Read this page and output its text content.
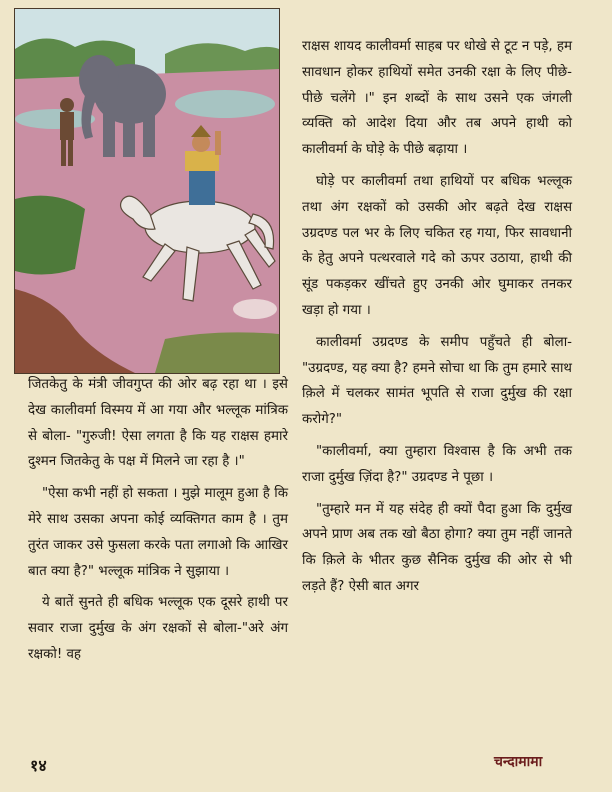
राक्षस शायद कालीवर्मा साहब पर धोखे से टूट न पड़े, हम सावधान होकर हाथियों समेत उनकी रक्षा के लिए पीछे-पीछे चलेंगे ।" इन शब्दों के साथ उसने एक जंगली व्यक्ति को आदेश दिया और तब अपने हाथी को कालीवर्मा के घोड़े के पीछे बढ़ाया ।

घोड़े पर कालीवर्मा तथा हाथियों पर बधिक भल्लूक तथा अंग रक्षकों को उसकी ओर बढ़ते देख राक्षस उग्रदण्ड पल भर के लिए चकित रह गया, फिर सावधानी के हेतु अपने पत्थरवाले गदे को ऊपर उठाया, हाथी की सूंड पकड़कर खींचते हुए उनकी ओर घुमाकर तनकर खड़ा हो गया ।

कालीवर्मा उग्रदण्ड के समीप पहुँचते ही बोला-"उग्रदण्ड, यह क्या है? हमने सोचा था कि तुम हमारे साथ क़िले में चलकर सामंत भूपति से राजा दुर्मुख की रक्षा करोगे?"

"कालीवर्मा, क्या तुम्हारा विश्वास है कि अभी तक राजा दुर्मुख ज़िंदा है?" उग्रदण्ड ने पूछा ।

"तुम्हारे मन में यह संदेह ही क्यों पैदा हुआ कि दुर्मुख अपने प्राण अब तक खो बैठा होगा? क्या तुम नहीं जानते कि क़िले के भीतर कुछ सैनिक दुर्मुख की ओर से भी लड़ते हैं? ऐसी बात अगर

जितकेतु के मंत्री जीवगुप्त की ओर बढ़ रहा था । इसे देख कालीवर्मा विस्मय में आ गया और भल्लूक मांत्रिक से बोला- "गुरुजी! ऐसा लगता है कि यह राक्षस हमारे दुश्मन जितकेतु के पक्ष में मिलने जा रहा है ।"

"ऐसा कभी नहीं हो सकता । मुझे मालूम हुआ है कि मेरे साथ उसका अपना कोई व्यक्तिगत काम है । तुम तुरंत जाकर उसे फुसला करके पता लगाओ कि आखिर बात क्या है?" भल्लूक मांत्रिक ने सुझाया ।

ये बातें सुनते ही बधिक भल्लूक एक दूसरे हाथी पर सवार राजा दुर्मुख के अंग रक्षकों से बोला-"अरे अंग रक्षको! वह

१४	चन्दामामा
